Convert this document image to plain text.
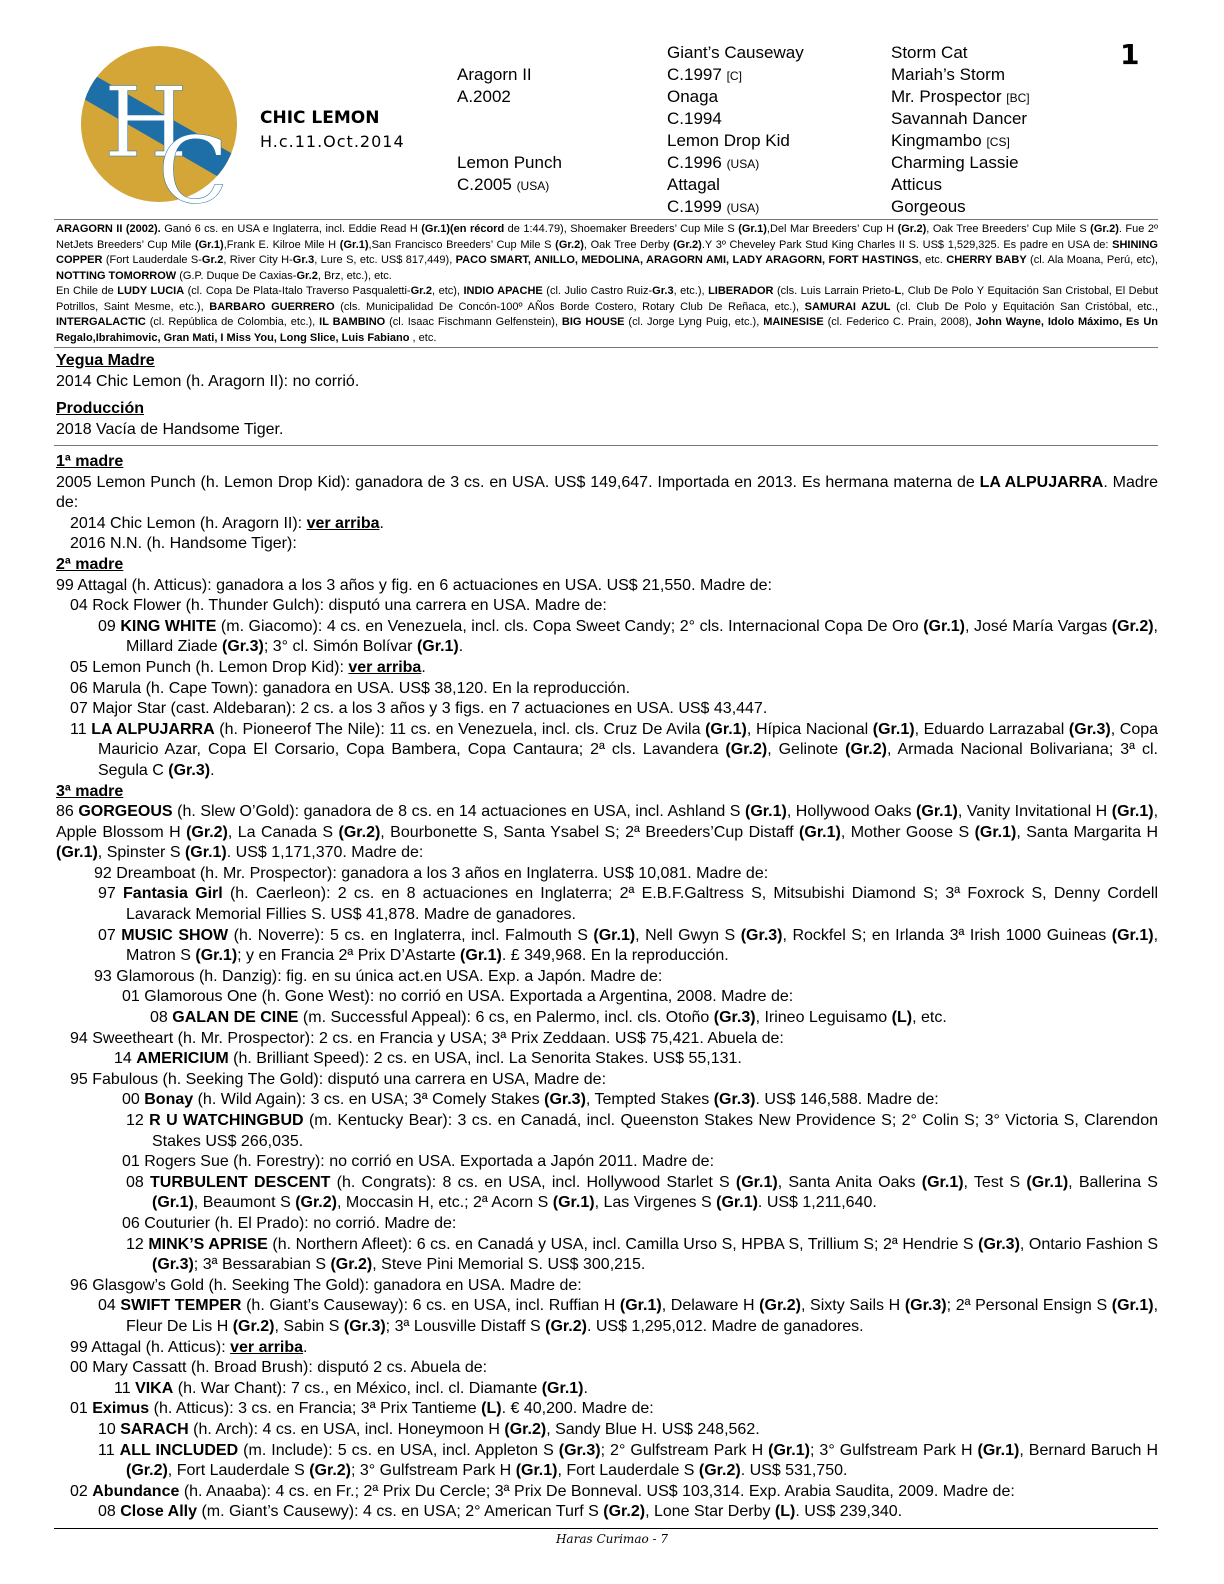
H
C CHIC LEMON
H.c.11.Oct.2014
1
Aragorn II
A.2002
Lemon Punch
C.2005 (USA)
Giant’s Causeway
C.1997 [C]
Onaga
C.1994
Lemon Drop Kid
C.1996 (USA)
Attagal
C.1999 (USA)
Storm Cat
Mariah’s Storm
Mr. Prospector [BC]
Savannah Dancer
Kingmambo [CS]
Charming Lassie
Atticus
Gorgeous

ARAGORN II (2002). Ganó 6 cs. en USA e Inglaterra, incl. Eddie Read H (Gr.1)(en récord de 1:44.79), Shoemaker Breeders’ Cup Mile S (Gr.1),Del Mar Breeders’ Cup H (Gr.2), Oak Tree Breeders’ Cup Mile S (Gr.2). Fue 2º NetJets Breeders’ Cup Mile (Gr.1),Frank E. Kilroe Mile H (Gr.1),San Francisco Breeders’ Cup Mile S (Gr.2), Oak Tree Derby (Gr.2).Y 3º Cheveley Park Stud King Charles II S. US$ 1,529,325. Es padre en USA de: SHINING COPPER (Fort Lauderdale S-Gr.2, River City H-Gr.3, Lure S, etc. US$ 817,449), PACO SMART, ANILLO, MEDOLINA, ARAGORN AMI, LADY ARAGORN, FORT HASTINGS, etc. CHERRY BABY (cl. Ala Moana, Perú, etc), NOTTING TOMORROW (G.P. Duque De Caxias-Gr.2, Brz, etc.), etc.

En Chile de LUDY LUCIA (cl. Copa De Plata-Italo Traverso Pasqualetti-Gr.2, etc), INDIO APACHE (cl. Julio Castro Ruiz-Gr.3, etc.), LIBERADOR (cls. Luis Larrain Prieto-L, Club De Polo Y Equitación San Cristobal, El Debut Potrillos, Saint Mesme, etc.), BARBARO GUERRERO (cls. Municipalidad De Concón-100º AÑos Borde Costero, Rotary Club De Reñaca, etc.), SAMURAI AZUL (cl. Club De Polo y Equitación San Cristóbal, etc., INTERGALACTIC (cl. República de Colombia, etc.), IL BAMBINO (cl. Isaac Fischmann Gelfenstein), BIG HOUSE (cl. Jorge Lyng Puig, etc.), MAINESISE (cl. Federico C. Prain, 2008), John Wayne, Idolo Máximo, Es Un Regalo,Ibrahimovic, Gran Mati, I Miss You, Long Slice, Luis Fabiano , etc.

Yegua Madre

2014 Chic Lemon (h. Aragorn II): no corrió.

Producción

2018 Vacía de Handsome Tiger.

1ª madre

2005 Lemon Punch (h. Lemon Drop Kid): ganadora de 3 cs. en USA. US$ 149,647. Importada en 2013. Es hermana materna de LA ALPUJARRA. Madre de:

2014 Chic Lemon (h. Aragorn II): ver arriba.

2016 N.N. (h. Handsome Tiger):

2ª madre

99 Attagal (h. Atticus): ganadora a los 3 años y fig. en 6 actuaciones en USA. US$ 21,550. Madre de:

04 Rock Flower (h. Thunder Gulch): disputó una carrera en USA. Madre de:

09 KING WHITE (m. Giacomo): 4 cs. en Venezuela, incl. cls. Copa Sweet Candy; 2° cls. Internacional Copa De Oro (Gr.1), José María Vargas (Gr.2), Millard Ziade (Gr.3); 3° cl. Simón Bolívar (Gr.1).

05 Lemon Punch (h. Lemon Drop Kid): ver arriba.

06 Marula (h. Cape Town): ganadora en USA. US$ 38,120. En la reproducción.

07 Major Star (cast. Aldebaran): 2 cs. a los 3 años y 3 figs. en 7 actuaciones en USA. US$ 43,447.

11 LA ALPUJARRA (h. Pioneerof The Nile): 11 cs. en Venezuela, incl. cls. Cruz De Avila (Gr.1), Hípica Nacional (Gr.1), Eduardo Larrazabal (Gr.3), Copa Mauricio Azar, Copa El Corsario, Copa Bambera, Copa Cantaura; 2ª cls. Lavandera (Gr.2), Gelinote (Gr.2), Armada Nacional Bolivariana; 3ª cl. Segula C (Gr.3).

3ª madre

86 GORGEOUS (h. Slew O’Gold): ganadora de 8 cs. en 14 actuaciones en USA, incl. Ashland S (Gr.1), Hollywood Oaks (Gr.1), Vanity Invitational H (Gr.1), Apple Blossom H (Gr.2), La Canada S (Gr.2), Bourbonette S, Santa Ysabel S; 2ª Breeders’Cup Distaff (Gr.1), Mother Goose S (Gr.1), Santa Margarita H (Gr.1), Spinster S (Gr.1). US$ 1,171,370. Madre de:

92 Dreamboat (h. Mr. Prospector): ganadora a los 3 años en Inglaterra. US$ 10,081. Madre de:

97 Fantasia Girl (h. Caerleon): 2 cs. en 8 actuaciones en Inglaterra; 2ª E.B.F.Galtress S, Mitsubishi Diamond S; 3ª Foxrock S, Denny Cordell Lavarack Memorial Fillies S. US$ 41,878. Madre de ganadores.

07 MUSIC SHOW (h. Noverre): 5 cs. en Inglaterra, incl. Falmouth S (Gr.1), Nell Gwyn S (Gr.3), Rockfel S; en Irlanda 3ª Irish 1000 Guineas (Gr.1), Matron S (Gr.1); y en Francia 2ª Prix D’Astarte (Gr.1). £ 349,968. En la reproducción.

93 Glamorous (h. Danzig): fig. en su única act.en USA. Exp. a Japón. Madre de:

01 Glamorous One (h. Gone West): no corrió en USA. Exportada a Argentina, 2008. Madre de:

08 GALAN DE CINE (m. Successful Appeal): 6 cs, en Palermo, incl. cls. Otoño (Gr.3), Irineo Leguisamo (L), etc.

94 Sweetheart (h. Mr. Prospector): 2 cs. en Francia y USA; 3ª Prix Zeddaan. US$ 75,421. Abuela de:

14 AMERICIUM (h. Brilliant Speed): 2 cs. en USA, incl. La Senorita Stakes. US$ 55,131.

95 Fabulous (h. Seeking The Gold): disputó una carrera en USA, Madre de:

00 Bonay (h. Wild Again): 3 cs. en USA; 3ª Comely Stakes (Gr.3), Tempted Stakes (Gr.3). US$ 146,588. Madre de:

12 R U WATCHINGBUD (m. Kentucky Bear): 3 cs. en Canadá, incl. Queenston Stakes New Providence S; 2° Colin S; 3° Victoria S, Clarendon Stakes US$ 266,035.

01 Rogers Sue (h. Forestry): no corrió en USA. Exportada a Japón 2011. Madre de:

08 TURBULENT DESCENT (h. Congrats): 8 cs. en USA, incl. Hollywood Starlet S (Gr.1), Santa Anita Oaks (Gr.1), Test S (Gr.1), Ballerina S (Gr.1), Beaumont S (Gr.2), Moccasin H, etc.; 2ª Acorn S (Gr.1), Las Virgenes S (Gr.1). US$ 1,211,640.

06 Couturier (h. El Prado): no corrió. Madre de:

12 MINK’S APRISE (h. Northern Afleet): 6 cs. en Canadá y USA, incl. Camilla Urso S, HPBA S, Trillium S; 2ª Hendrie S (Gr.3), Ontario Fashion S (Gr.3); 3ª Bessarabian S (Gr.2), Steve Pini Memorial S. US$ 300,215.

96 Glasgow’s Gold (h. Seeking The Gold): ganadora en USA. Madre de:

04 SWIFT TEMPER (h. Giant’s Causeway): 6 cs. en USA, incl. Ruffian H (Gr.1), Delaware H (Gr.2), Sixty Sails H (Gr.3); 2ª Personal Ensign S (Gr.1), Fleur De Lis H (Gr.2), Sabin S (Gr.3); 3ª Lousville Distaff S (Gr.2). US$ 1,295,012. Madre de ganadores.

99 Attagal (h. Atticus): ver arriba.

00 Mary Cassatt (h. Broad Brush): disputó 2 cs. Abuela de:

11 VIKA (h. War Chant): 7 cs., en México, incl. cl. Diamante (Gr.1).

01 Eximus (h. Atticus): 3 cs. en Francia; 3ª Prix Tantieme (L). € 40,200. Madre de:

10 SARACH (h. Arch): 4 cs. en USA, incl. Honeymoon H (Gr.2), Sandy Blue H. US$ 248,562.

11 ALL INCLUDED (m. Include): 5 cs. en USA, incl. Appleton S (Gr.3); 2° Gulfstream Park H (Gr.1); 3° Gulfstream Park H (Gr.1), Bernard Baruch H (Gr.2), Fort Lauderdale S (Gr.2); 3° Gulfstream Park H (Gr.1), Fort Lauderdale S (Gr.2). US$ 531,750.

02 Abundance (h. Anaaba): 4 cs. en Fr.; 2ª Prix Du Cercle; 3ª Prix De Bonneval. US$ 103,314. Exp. Arabia Saudita, 2009. Madre de:

08 Close Ally (m. Giant’s Causewy): 4 cs. en USA; 2° American Turf S (Gr.2), Lone Star Derby (L). US$ 239,340.

Haras Curimao - 7
